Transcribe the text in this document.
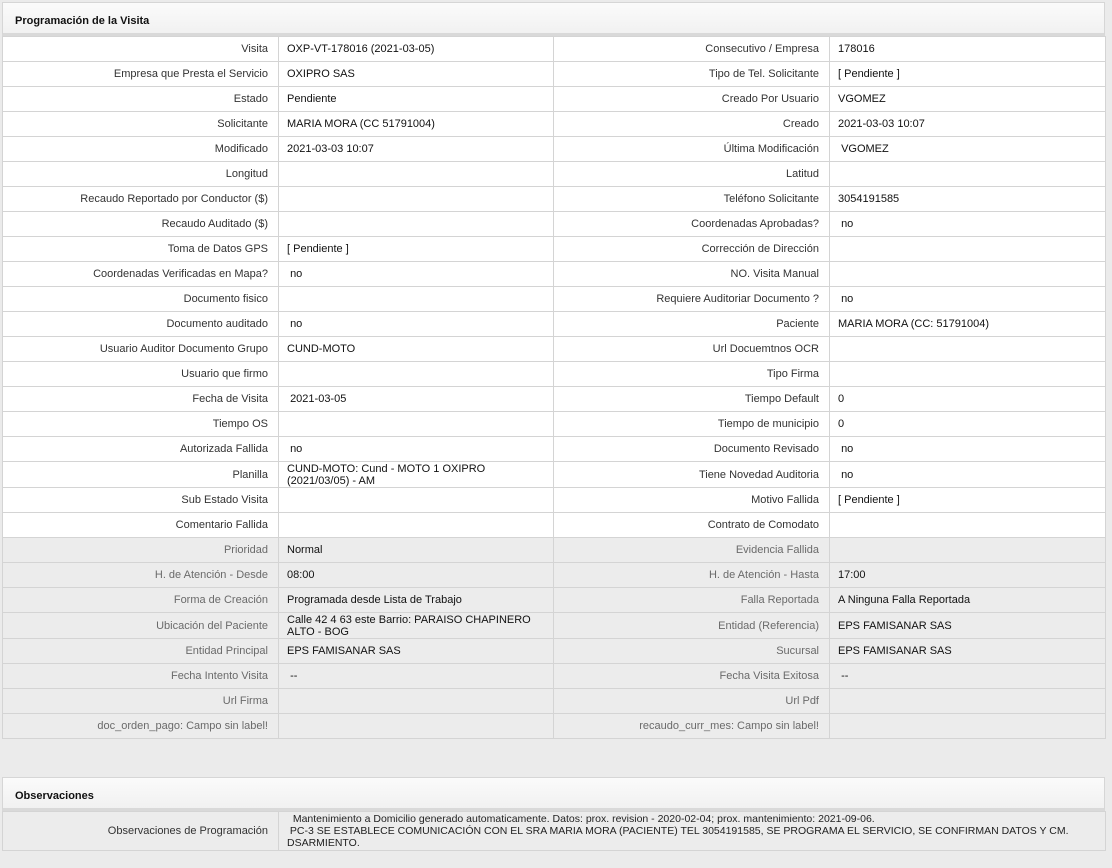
Programación de la Visita
Visita	OXP-VT-178016 (2021-03-05)	Consecutivo / Empresa	178016
Empresa que Presta el Servicio	OXIPRO SAS	Tipo de Tel. Solicitante	[ Pendiente ]
Estado	Pendiente	Creado Por Usuario	VGOMEZ
Solicitante	MARIA MORA (CC 51791004)	Creado	2021-03-03 10:07
Modificado	2021-03-03 10:07	Última Modificación	VGOMEZ
Longitud		Latitud	
Recaudo Reportado por Conductor ($)		Teléfono Solicitante	3054191585
Recaudo Auditado ($)		Coordenadas Aprobadas?	no
Toma de Datos GPS	[ Pendiente ]	Corrección de Dirección	
Coordenadas Verificadas en Mapa?	no	NO. Visita Manual	
Documento fisico		Requiere Auditoriar Documento ?	no
Documento auditado	no	Paciente	MARIA MORA (CC: 51791004)
Usuario Auditor Documento Grupo	CUND-MOTO	Url Docuemtnos OCR	
Usuario que firmo		Tipo Firma	
Fecha de Visita	2021-03-05	Tiempo Default	0
Tiempo OS		Tiempo de municipio	0
Autorizada Fallida	no	Documento Revisado	no
Planilla	CUND-MOTO: Cund - MOTO 1 OXIPRO (2021/03/05) - AM	Tiene Novedad Auditoria	no
Sub Estado Visita		Motivo Fallida	[ Pendiente ]
Comentario Fallida		Contrato de Comodato	
Prioridad	Normal	Evidencia Fallida	
H. de Atención - Desde	08:00	H. de Atención - Hasta	17:00
Forma de Creación	Programada desde Lista de Trabajo	Falla Reportada	A Ninguna Falla Reportada
Ubicación del Paciente	Calle 42 4 63 este Barrio: PARAISO CHAPINERO ALTO - BOG	Entidad (Referencia)	EPS FAMISANAR SAS
Entidad Principal	EPS FAMISANAR SAS	Sucursal	EPS FAMISANAR SAS
Fecha Intento Visita	--	Fecha Visita Exitosa	--
Url Firma		Url Pdf	
doc_orden_pago: Campo sin label!		recaudo_curr_mes: Campo sin label!	
Observaciones
Observaciones de Programación	
Mantenimiento a Domicilio generado automaticamente. Datos: prox. revision - 2020-02-04; prox. mantenimiento: 2021-09-06.
PC-3 SE ESTABLECE COMUNICACIÓN CON EL SRA MARIA MORA (PACIENTE) TEL 3054191585, SE PROGRAMA EL SERVICIO, SE CONFIRMAN DATOS Y CM. DSARMIENTO.
